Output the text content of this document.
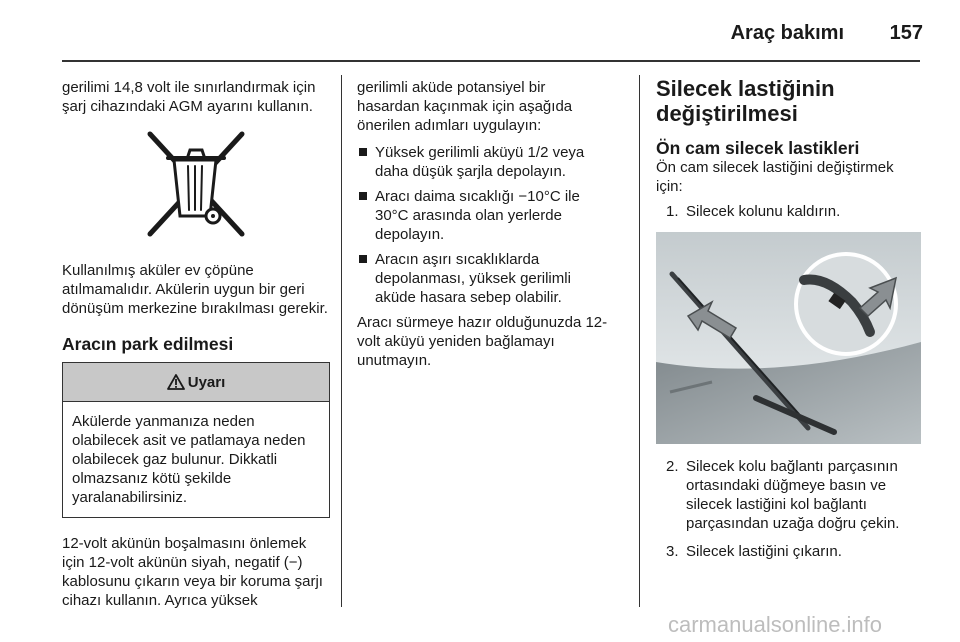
Araç bakımı	157

gerilimi 14,8 volt ile sınırlandırmak için şarj cihazındaki AGM ayarını kullanın.

Kullanılmış aküler ev çöpüne atılmamalıdır. Akülerin uygun bir geri dönüşüm merkezine bırakılması gerekir.

Aracın park edilmesi

Uyarı

Akülerde yanmanıza neden olabilecek asit ve patlamaya neden olabilecek gaz bulunur. Dikkatli olmazsanız kötü şekilde yaralanabilirsiniz.

12-volt akünün boşalmasını önlemek için 12-volt akünün siyah, negatif (−) kablosunu çıkarın veya bir koruma şarjı cihazı kullanın. Ayrıca yüksek

gerilimli aküde potansiyel bir hasardan kaçınmak için aşağıda önerilen adımları uygulayın:

Yüksek gerilimli aküyü 1/2 veya daha düşük şarjla depolayın.
Aracı daima sıcaklığı −10°C ile 30°C arasında olan yerlerde depolayın.
Aracın aşırı sıcaklıklarda depolanması, yüksek gerilimli aküde hasara sebep olabilir.

Aracı sürmeye hazır olduğunuzda 12-volt aküyü yeniden bağlamayı unutmayın.

Silecek lastiğinin değiştirilmesi

Ön cam silecek lastikleri

Ön cam silecek lastiğini değiştirmek için:

1. Silecek kolunu kaldırın.
2. Silecek kolu bağlantı parçasının ortasındaki düğmeye basın ve silecek lastiğini kol bağlantı parçasından uzağa doğru çekin.
3. Silecek lastiğini çıkarın.
carmanualsonline.info
